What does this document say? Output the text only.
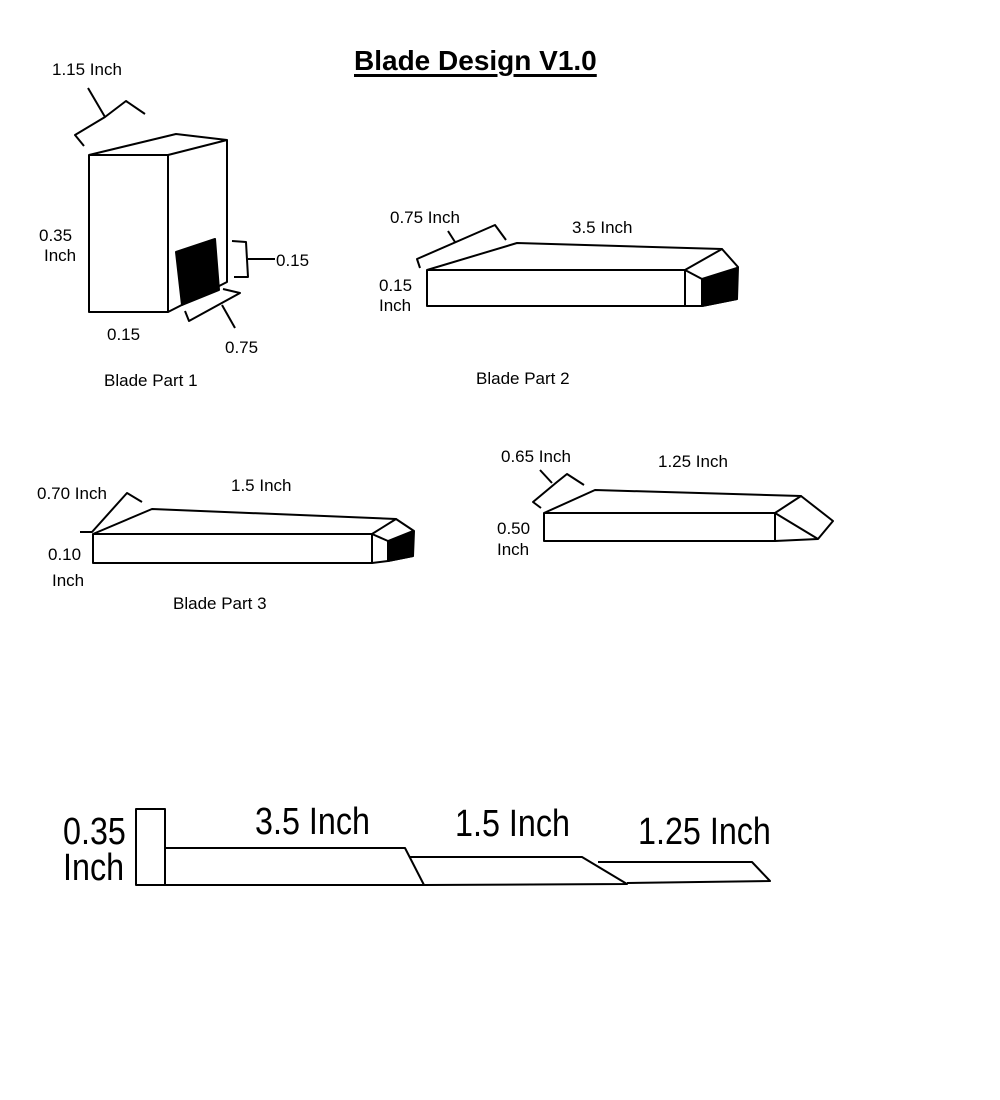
Blade Design V1.0
1.15 Inch
0.35
Inch	0.15
0.15
0.75
Blade Part 1
0.75 Inch
3.5 Inch
0.15
Inch
Blade Part 2
0.70 Inch	1.5 Inch
0.10
Inch
Blade Part 3
0.65 Inch	1.25 Inch
0.50
Inch
0.35
Inch
3.5 Inch 1.5 Inch 1.25 Inch
